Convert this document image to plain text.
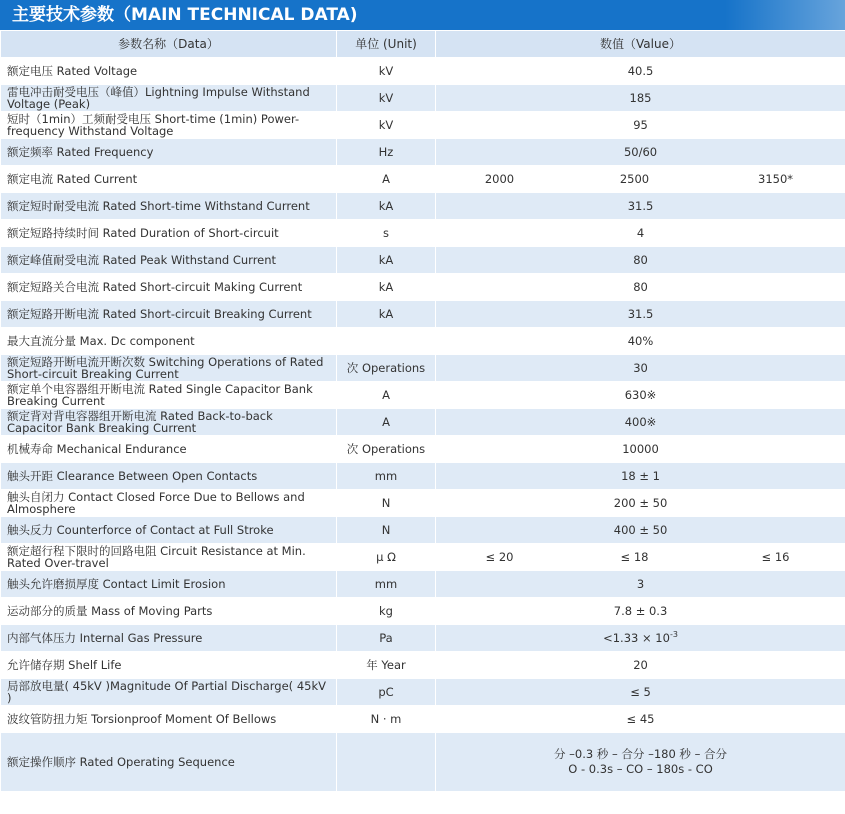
主要技术参数（MAIN TECHNICAL DATA)
参数名称（Data）	单位 (Unit)	数值（Value）		
额定电压 Rated Voltage	kV	40.5		
雷电冲击耐受电压（峰值）Lightning Impulse Withstand Voltage (Peak)	kV	185		
短时（1min）工频耐受电压 Short-time (1min) Power-frequency Withstand Voltage	kV	95		
额定频率 Rated Frequency	Hz	50/60		
额定电流 Rated Current	A	2000	2500	3150*
额定短时耐受电流 Rated Short-time Withstand Current	kA	31.5		
额定短路持续时间 Rated Duration of Short-circuit	s	4		
额定峰值耐受电流 Rated Peak Withstand Current	kA	80		
额定短路关合电流 Rated Short-circuit Making Current	kA	80		
额定短路开断电流 Rated Short-circuit Breaking Current	kA	31.5		
最大直流分量 Max. Dc component		40%		
额定短路开断电流开断次数 Switching Operations of Rated Short-circuit Breaking Current	次 Operations	30		
额定单个电容器组开断电流 Rated Single Capacitor Bank Breaking Current	A	630※		
额定背对背电容器组开断电流 Rated Back-to-back Capacitor Bank Breaking Current	A	400※		
机械寿命 Mechanical Endurance	次 Operations	10000		
触头开距 Clearance Between Open Contacts	mm	18 ± 1		
触头自闭力 Contact Closed Force Due to Bellows and Almosphere	N	200 ± 50		
触头反力 Counterforce of Contact at Full Stroke	N	400 ± 50		
额定超行程下限时的回路电阻 Circuit Resistance at Min. Rated Over-travel	μ Ω	≤ 20	≤ 18	≤ 16
触头允许磨损厚度 Contact Limit Erosion	mm	3		
运动部分的质量 Mass of Moving Parts	kg	7.8 ± 0.3		
内部气体压力 Internal Gas Pressure	Pa	$<1.33 \times 10^{-3}$
允许储存期 Shelf Life	年 Year	20		
局部放电量( 45kV )Magnitude Of Partial Discharge( 45kV )	pC	≤ 5		
波纹管防扭力矩 Torsionproof Moment Of Bellows	N · m	≤ 45		
额定操作顺序 Rated Operating Sequence		分 –0.3 秒 – 合分 –180 秒 – 合分
O - 0.3s – CO – 180s - CO		
